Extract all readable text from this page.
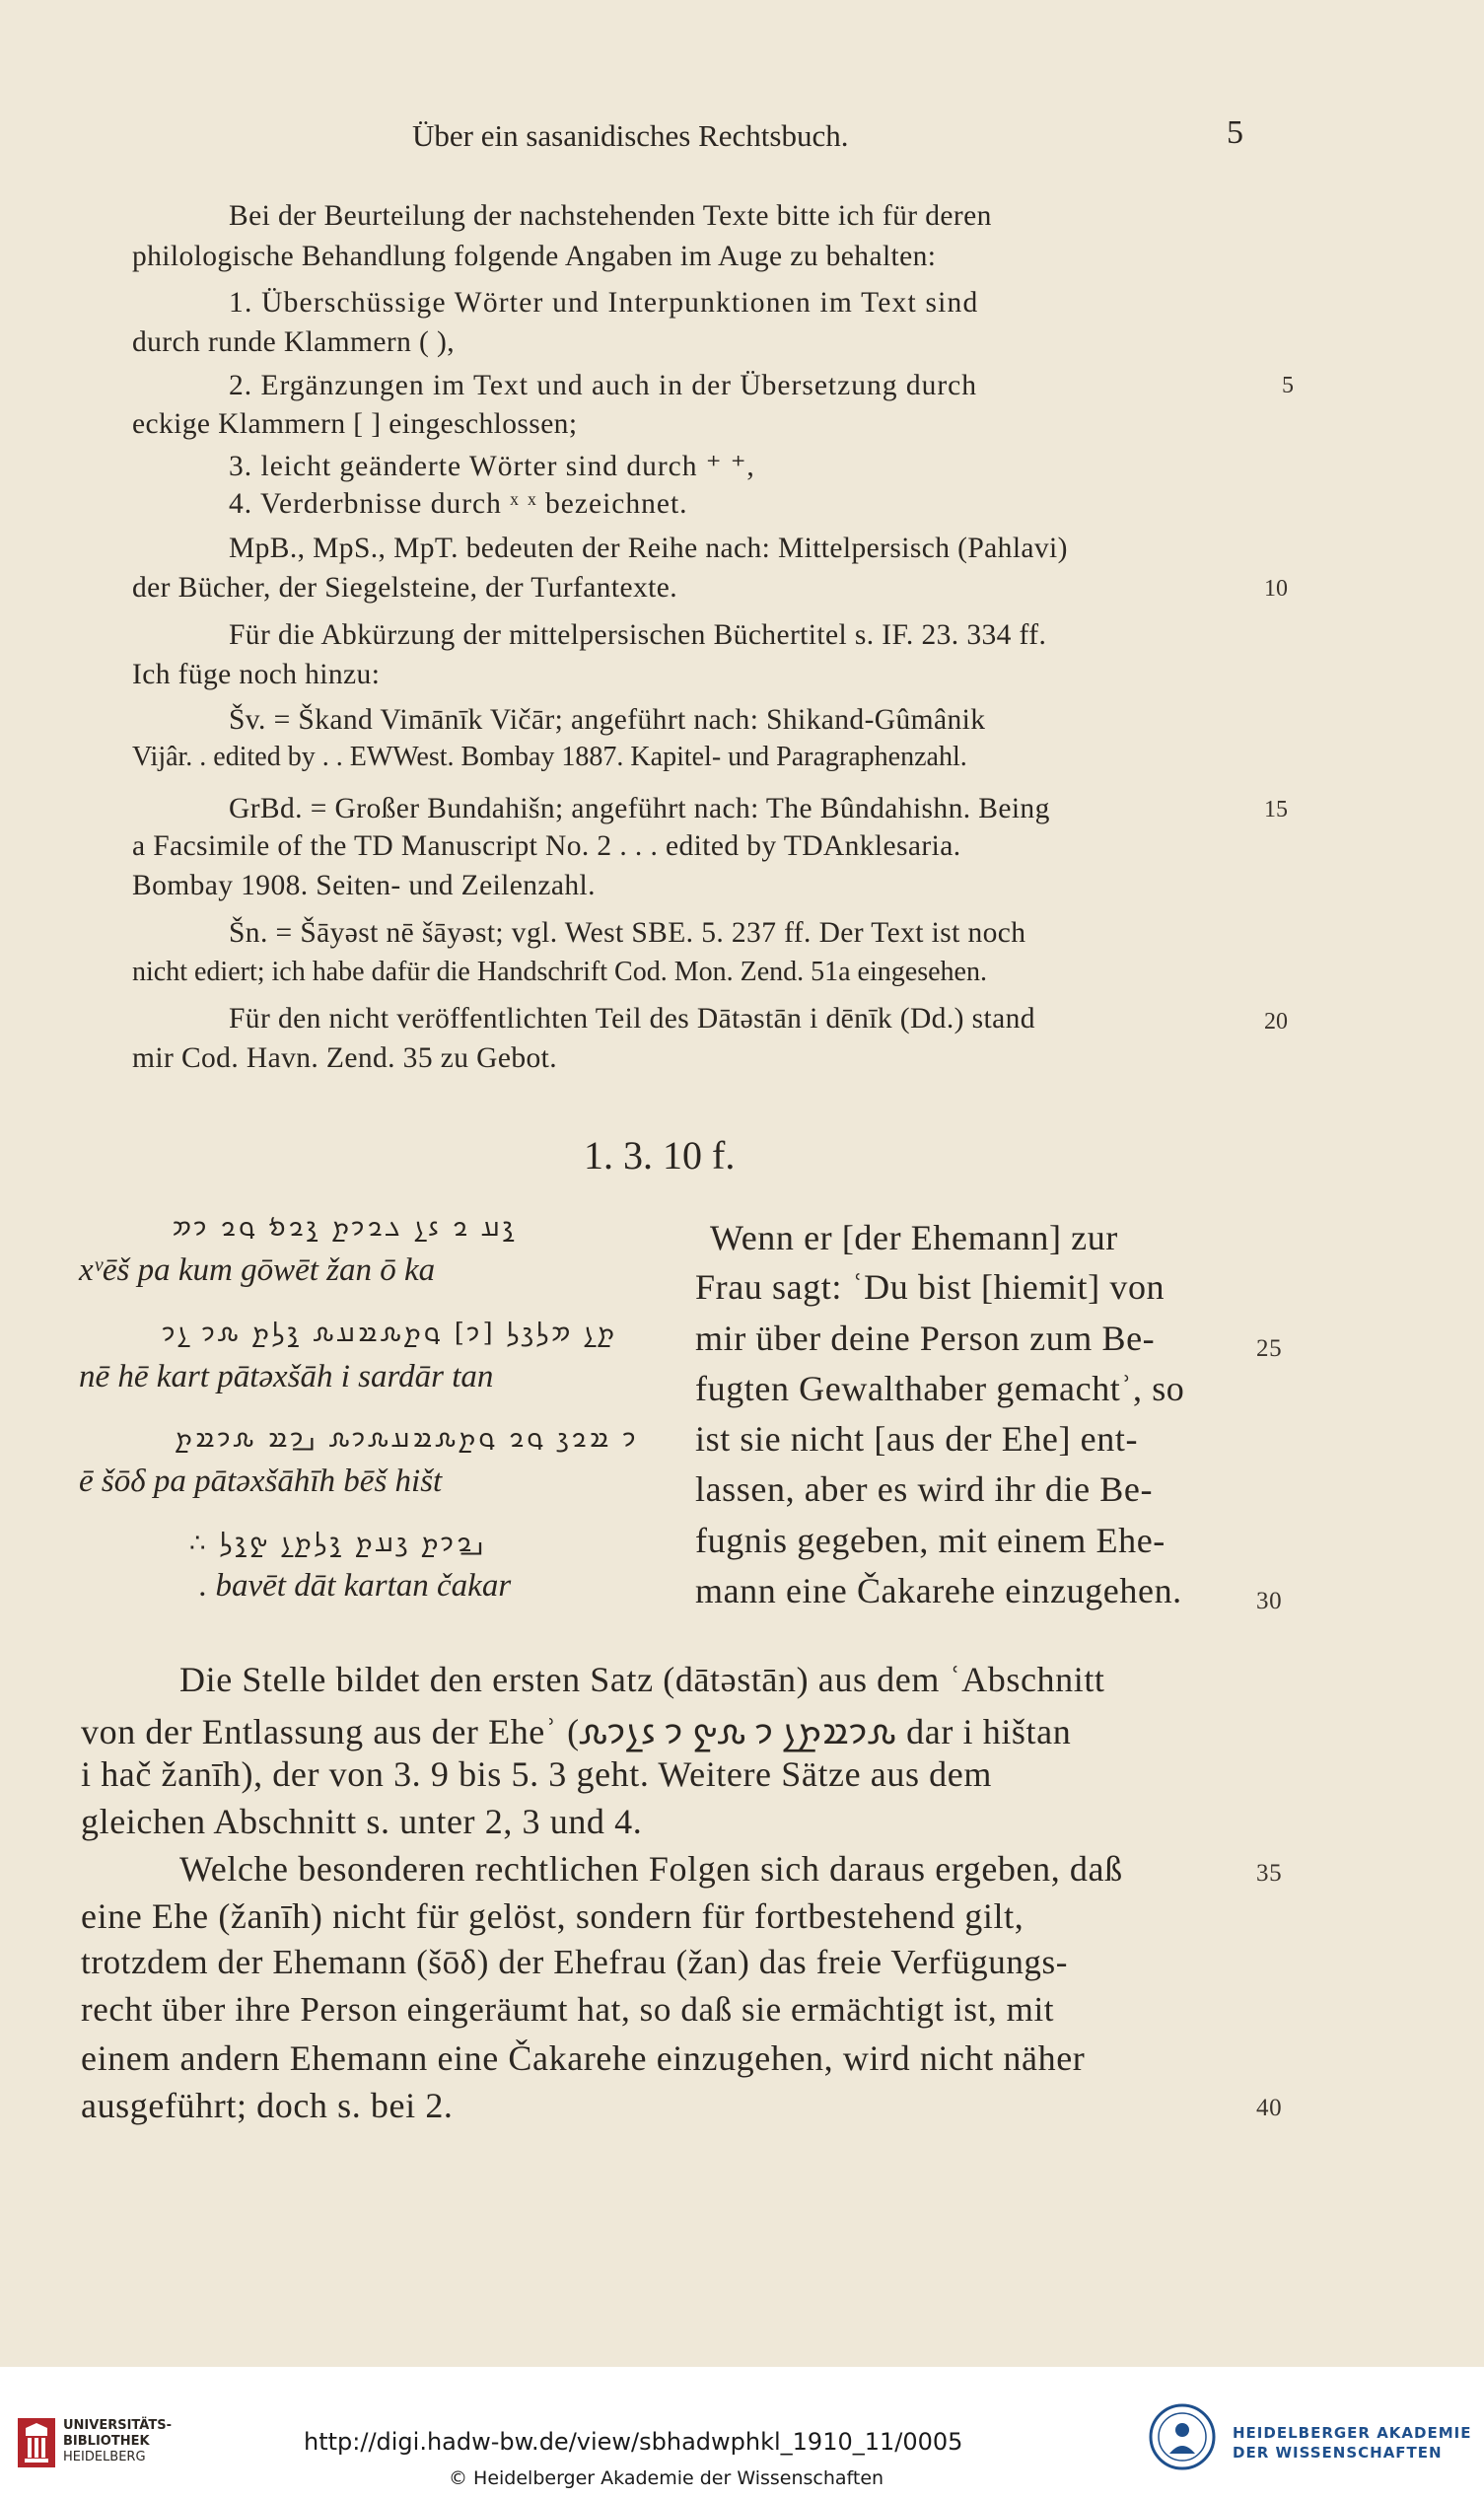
Über ein sasanidisches Rechtsbuch.	5
Bei der Beurteilung der nachstehenden Texte bitte ich für deren
philologische Behandlung folgende Angaben im Auge zu behalten:
1. Überschüssige Wörter und Interpunktionen im Text sind
durch runde Klammern ( ),
2. Ergänzungen im Text und auch in der Übersetzung durch
eckige Klammern [ ] eingeschlossen;
3. leicht geänderte Wörter sind durch ⁺ ⁺,
4. Verderbnisse durch ˣ ˣ bezeichnet.
MpB., MpS., MpT. bedeuten der Reihe nach: Mittelpersisch (Pahlavi)
der Bücher, der Siegelsteine, der Turfantexte.
Für die Abkürzung der mittelpersischen Büchertitel s. IF. 23. 334 ff.
Ich füge noch hinzu:
Šv. = Škand Vimānīk Vičār; angeführt nach: Shikand-Gûmânik
Vijâr. . edited by . . EWWest. Bombay 1887. Kapitel- und Paragraphenzahl.
GrBd. = Großer Bundahišn; angeführt nach: The Bûndahishn. Being
a Facsimile of the TD Manuscript No. 2 . . . edited by TDAnklesaria.
Bombay 1908. Seiten- und Zeilenzahl.
Šn. = Šāyəst nē šāyəst; vgl. West SBE. 5. 237 ff. Der Text ist noch
nicht ediert; ich habe dafür die Handschrift Cod. Mon. Zend. 51a eingesehen.
Für den nicht veröffentlichten Teil des Dātəstān i dēnīk (Dd.) stand
mir Cod. Havn. Zend. 35 zu Gebot.
5
10
15
20
1. 3. 10 f.
𐭪𐭠 𐭥 𐭦𐭭 𐭢𐭥𐭩𐭲 𐭪𐭥𐭬 𐭯𐭥 𐭩𐭮
xᵛēš pa kum gōwēt žan ō ka
𐭲𐭭 𐭮𐭫𐭣𐭫 [𐭩] 𐭯𐭲𐭧𐭱𐭠𐭧 𐭪𐭫𐭲 𐭧𐭩 𐭭𐭩
nē hē kart pātəxšāh i sardār tan
𐭩 𐭱𐭥𐭣 𐭯𐭥 𐭯𐭲𐭧𐭱𐭠𐭧𐭩𐭧 𐭡𐭩𐭱 𐭧𐭩𐭱𐭲
ē šōδ pa pātəxšāhīh bēš hišt
∴ 𐭡𐭥𐭩𐭲 𐭣𐭠𐭲 𐭪𐭫𐭲𐭭 𐭰𐭪𐭫
. bavēt dāt kartan čakar
Wenn er [der Ehemann] zur
Frau sagt: ʿDu bist [hiemit] von
mir über deine Person zum Be-
fugten Gewalthaber gemachtʾ, so
ist sie nicht [aus der Ehe] ent-
lassen, aber es wird ihr die Be-
fugnis gegeben, mit einem Ehe-
mann eine Čakarehe einzugehen.
25
30
Die Stelle bildet den ersten Satz (dātəstān) aus dem ʿAbschnitt
von der Entlassung aus der Eheʾ (𐭧𐭩𐭱𐭲𐭭 𐭩 𐭧𐭰 𐭩 𐭦𐭭𐭩𐭧 dar i hištan
i hač žanīh), der von 3. 9 bis 5. 3 geht. Weitere Sätze aus dem
gleichen Abschnitt s. unter 2, 3 und 4.
Welche besonderen rechtlichen Folgen sich daraus ergeben, daß
eine Ehe (žanīh) nicht für gelöst, sondern für fortbestehend gilt,
trotzdem der Ehemann (šōδ) der Ehefrau (žan) das freie Verfügungs-
recht über ihre Person eingeräumt hat, so daß sie ermächtigt ist, mit
einem andern Ehemann eine Čakarehe einzugehen, wird nicht näher
ausgeführt; doch s. bei 2.
35
40
UNIVERSITÄTS-
BIBLIOTHEK
HEIDELBERG
http://digi.hadw-bw.de/view/sbhadwphkl_1910_11/0005
© Heidelberger Akademie der Wissenschaften
HEIDELBERGER AKADEMIE
DER WISSENSCHAFTEN
